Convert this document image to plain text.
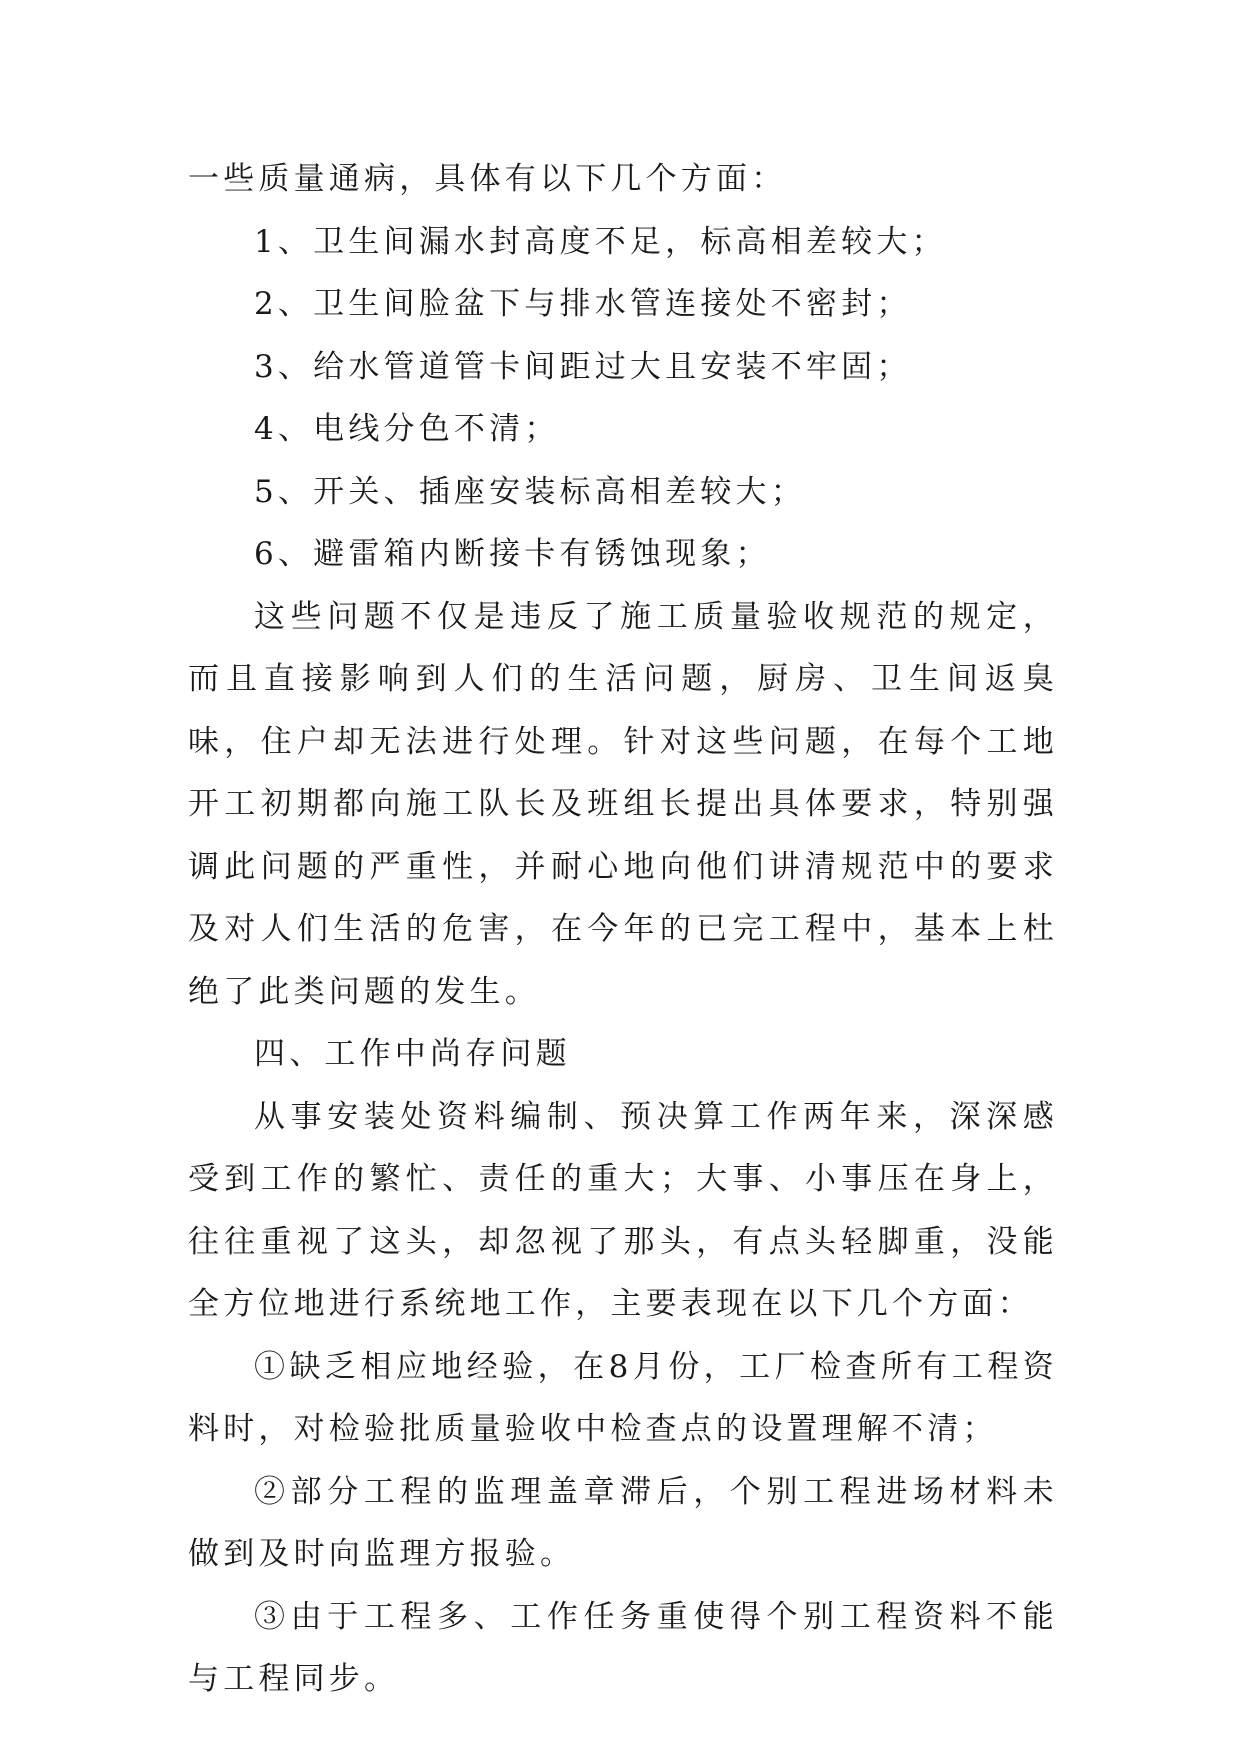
一些质量通病，具体有以下几个方面：

1、卫生间漏水封高度不足，标高相差较大；

2、卫生间脸盆下与排水管连接处不密封；

3、给水管道管卡间距过大且安装不牢固；

4、电线分色不清；

5、开关、插座安装标高相差较大；

6、避雷箱内断接卡有锈蚀现象；

这些问题不仅是违反了施工质量验收规范的规定，而且直接影响到人们的生活问题，厨房、卫生间返臭味，住户却无法进行处理。针对这些问题，在每个工地开工初期都向施工队长及班组长提出具体要求，特别强调此问题的严重性，并耐心地向他们讲清规范中的要求及对人们生活的危害，在今年的已完工程中，基本上杜绝了此类问题的发生。

四、工作中尚存问题

从事安装处资料编制、预决算工作两年来，深深感受到工作的繁忙、责任的重大；大事、小事压在身上，往往重视了这头，却忽视了那头，有点头轻脚重，没能全方位地进行系统地工作，主要表现在以下几个方面：

①缺乏相应地经验，在8月份，工厂检查所有工程资料时，对检验批质量验收中检查点的设置理解不清；

②部分工程的监理盖章滞后，个别工程进场材料未做到及时向监理方报验。

③由于工程多、工作任务重使得个别工程资料不能与工程同步。
